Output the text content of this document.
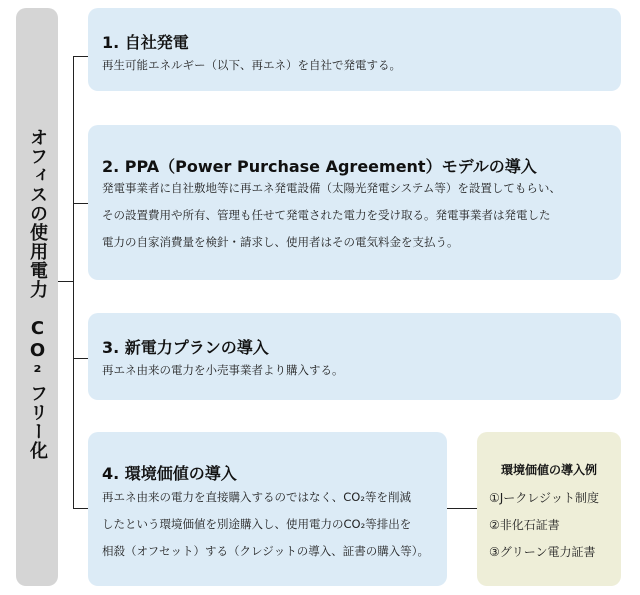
オフィスの使用電力　CO²フリー化
1. 自社発電
再生可能エネルギー（以下、再エネ）を自社で発電する。
2. PPA（Power Purchase Agreement）モデルの導入
発電事業者に自社敷地等に再エネ発電設備（太陽光発電システム等）を設置してもらい、
その設置費用や所有、管理も任せて発電された電力を受け取る。発電事業者は発電した
電力の自家消費量を検針・請求し、使用者はその電気料金を支払う。
3. 新電力プランの導入
再エネ由来の電力を小売事業者より購入する。
4. 環境価値の導入
再エネ由来の電力を直接購入するのではなく、CO₂等を削減
したという環境価値を別途購入し、使用電力のCO₂等排出を
相殺（オフセット）する（クレジットの導入、証書の購入等）。
環境価値の導入例
①Jークレジット制度
②非化石証書
③グリーン電力証書
